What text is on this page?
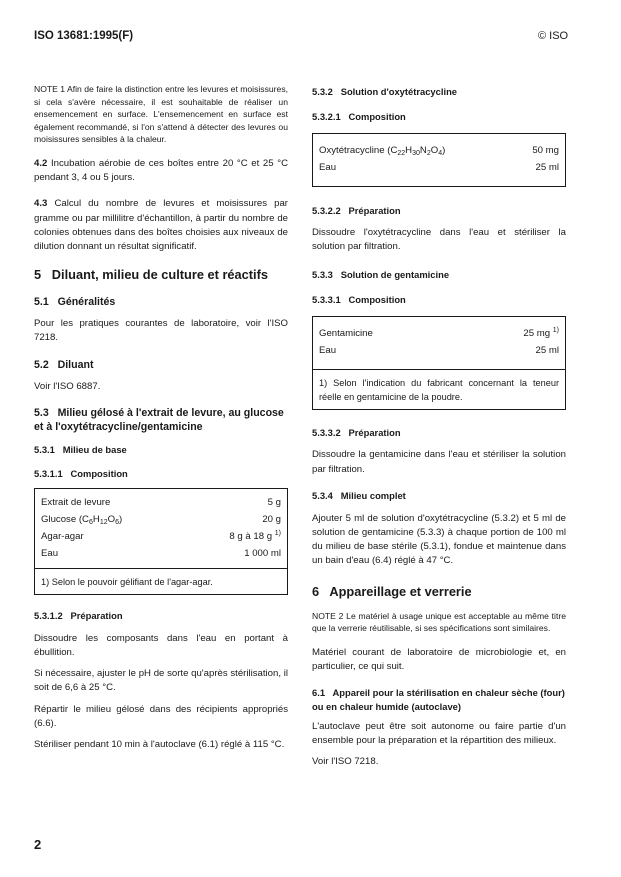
ISO 13681:1995(F)	© ISO

NOTE 1 Afin de faire la distinction entre les levures et moisissures, si cela s'avère nécessaire, il est souhaitable de réaliser un ensemencement en surface. L'ensemencement en surface est également recommandé, si l'on s'attend à détecter des levures ou moisissures sensibles à la chaleur.

4.2 Incubation aérobie de ces boîtes entre 20 °C et 25 °C pendant 3, 4 ou 5 jours.

4.3 Calcul du nombre de levures et moisissures par gramme ou par millilitre d'échantillon, à partir du nombre de colonies obtenues dans des boîtes choisies aux niveaux de dilution donnant un résultat significatif.

5 Diluant, milieu de culture et réactifs
5.1 Généralités

Pour les pratiques courantes de laboratoire, voir l'ISO 7218.

5.2 Diluant

Voir l'ISO 6887.

5.3 Milieu gélosé à l'extrait de levure, au glucose et à l'oxytétracycline/gentamicine
5.3.1 Milieu de base
5.3.1.1 Composition
Extrait de levure	5 g
Glucose $(C_6H_{12}O_6)$	20 g
Agar-agar	8 g à 18 g $^{1)}$
Eau	1 000 ml
1) Selon le pouvoir gélifiant de l'agar-agar.
5.3.1.2 Préparation

Dissoudre les composants dans l'eau en portant à ébullition.

Si nécessaire, ajuster le pH de sorte qu'après stérilisation, il soit de 6,6 à 25 °C.

Répartir le milieu gélosé dans des récipients appropriés (6.6).

Stériliser pendant 10 min à l'autoclave (6.1) réglé à 115 °C.

5.3.2 Solution d'oxytétracycline
5.3.2.1 Composition
Oxytétracycline $(C_{22}H_{30}N_2O_4)$	50 mg
Eau	25 ml
5.3.2.2 Préparation

Dissoudre l'oxytétracycline dans l'eau et stériliser la solution par filtration.

5.3.3 Solution de gentamicine
5.3.3.1 Composition
Gentamicine	25 mg $^{1)}$
Eau	25 ml
1) Selon l'indication du fabricant concernant la teneur réelle en gentamicine de la poudre.
5.3.3.2 Préparation

Dissoudre la gentamicine dans l'eau et stériliser la solution par filtration.

5.3.4 Milieu complet

Ajouter 5 ml de solution d'oxytétracycline (5.3.2) et 5 ml de solution de gentamicine (5.3.3) à chaque portion de 100 ml du milieu de base stérile (5.3.1), fondue et maintenue dans un bain d'eau (6.4) réglé à 47 °C.

6 Appareillage et verrerie

NOTE 2 Le matériel à usage unique est acceptable au même titre que la verrerie réutilisable, si ses spécifications sont similaires.

Matériel courant de laboratoire de microbiologie et, en particulier, ce qui suit.

6.1 Appareil pour la stérilisation en chaleur sèche (four) ou en chaleur humide (autoclave)

L'autoclave peut être soit autonome ou faire partie d'un ensemble pour la préparation et la répartition des milieux.

Voir l'ISO 7218.

2
